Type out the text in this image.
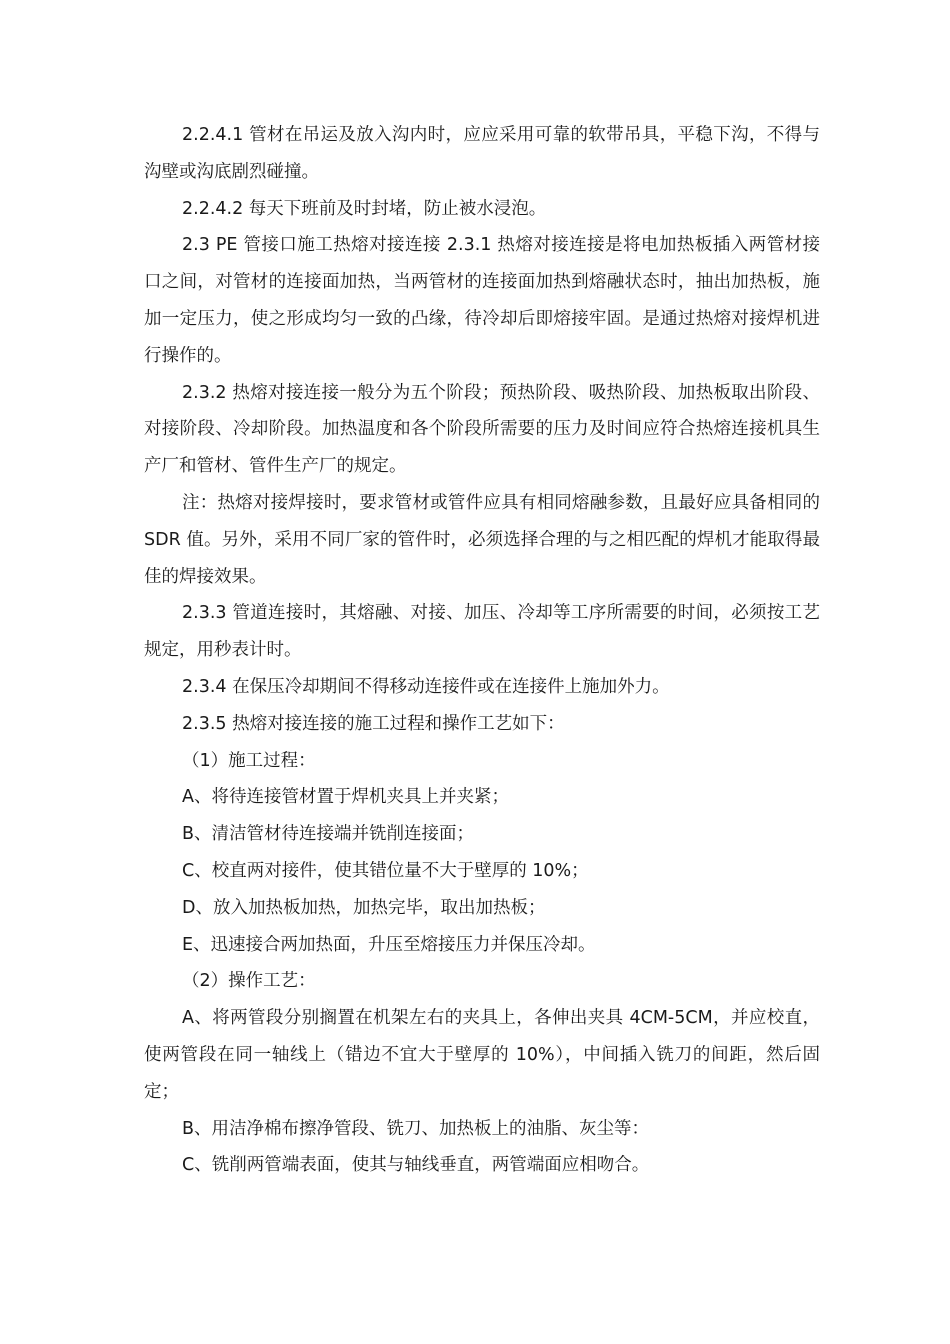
2.2.4.1 管材在吊运及放入沟内时，应应采用可靠的软带吊具，平稳下沟，不得与沟壁或沟底剧烈碰撞。

2.2.4.2 每天下班前及时封堵，防止被水浸泡。

2.3 PE 管接口施工热熔对接连接 2.3.1 热熔对接连接是将电加热板插入两管材接口之间，对管材的连接面加热，当两管材的连接面加热到熔融状态时，抽出加热板，施加一定压力，使之形成均匀一致的凸缘，待冷却后即熔接牢固。是通过热熔对接焊机进行操作的。

2.3.2 热熔对接连接一般分为五个阶段；预热阶段、吸热阶段、加热板取出阶段、对接阶段、冷却阶段。加热温度和各个阶段所需要的压力及时间应符合热熔连接机具生产厂和管材、管件生产厂的规定。

注：热熔对接焊接时，要求管材或管件应具有相同熔融参数，且最好应具备相同的 SDR 值。另外，采用不同厂家的管件时，必须选择合理的与之相匹配的焊机才能取得最佳的焊接效果。

2.3.3 管道连接时，其熔融、对接、加压、冷却等工序所需要的时间，必须按工艺规定，用秒表计时。

2.3.4 在保压冷却期间不得移动连接件或在连接件上施加外力。

2.3.5 热熔对接连接的施工过程和操作工艺如下：

（1）施工过程：

A、将待连接管材置于焊机夹具上并夹紧；

B、清洁管材待连接端并铣削连接面；

C、校直两对接件，使其错位量不大于壁厚的 10%；

D、放入加热板加热，加热完毕，取出加热板；

E、迅速接合两加热面，升压至熔接压力并保压冷却。

（2）操作工艺：

A、将两管段分别搁置在机架左右的夹具上，各伸出夹具 4CM-5CM，并应校直，使两管段在同一轴线上（错边不宜大于壁厚的 10%），中间插入铣刀的间距，然后固定；

B、用洁净棉布擦净管段、铣刀、加热板上的油脂、灰尘等：

C、铣削两管端表面，使其与轴线垂直，两管端面应相吻合。
